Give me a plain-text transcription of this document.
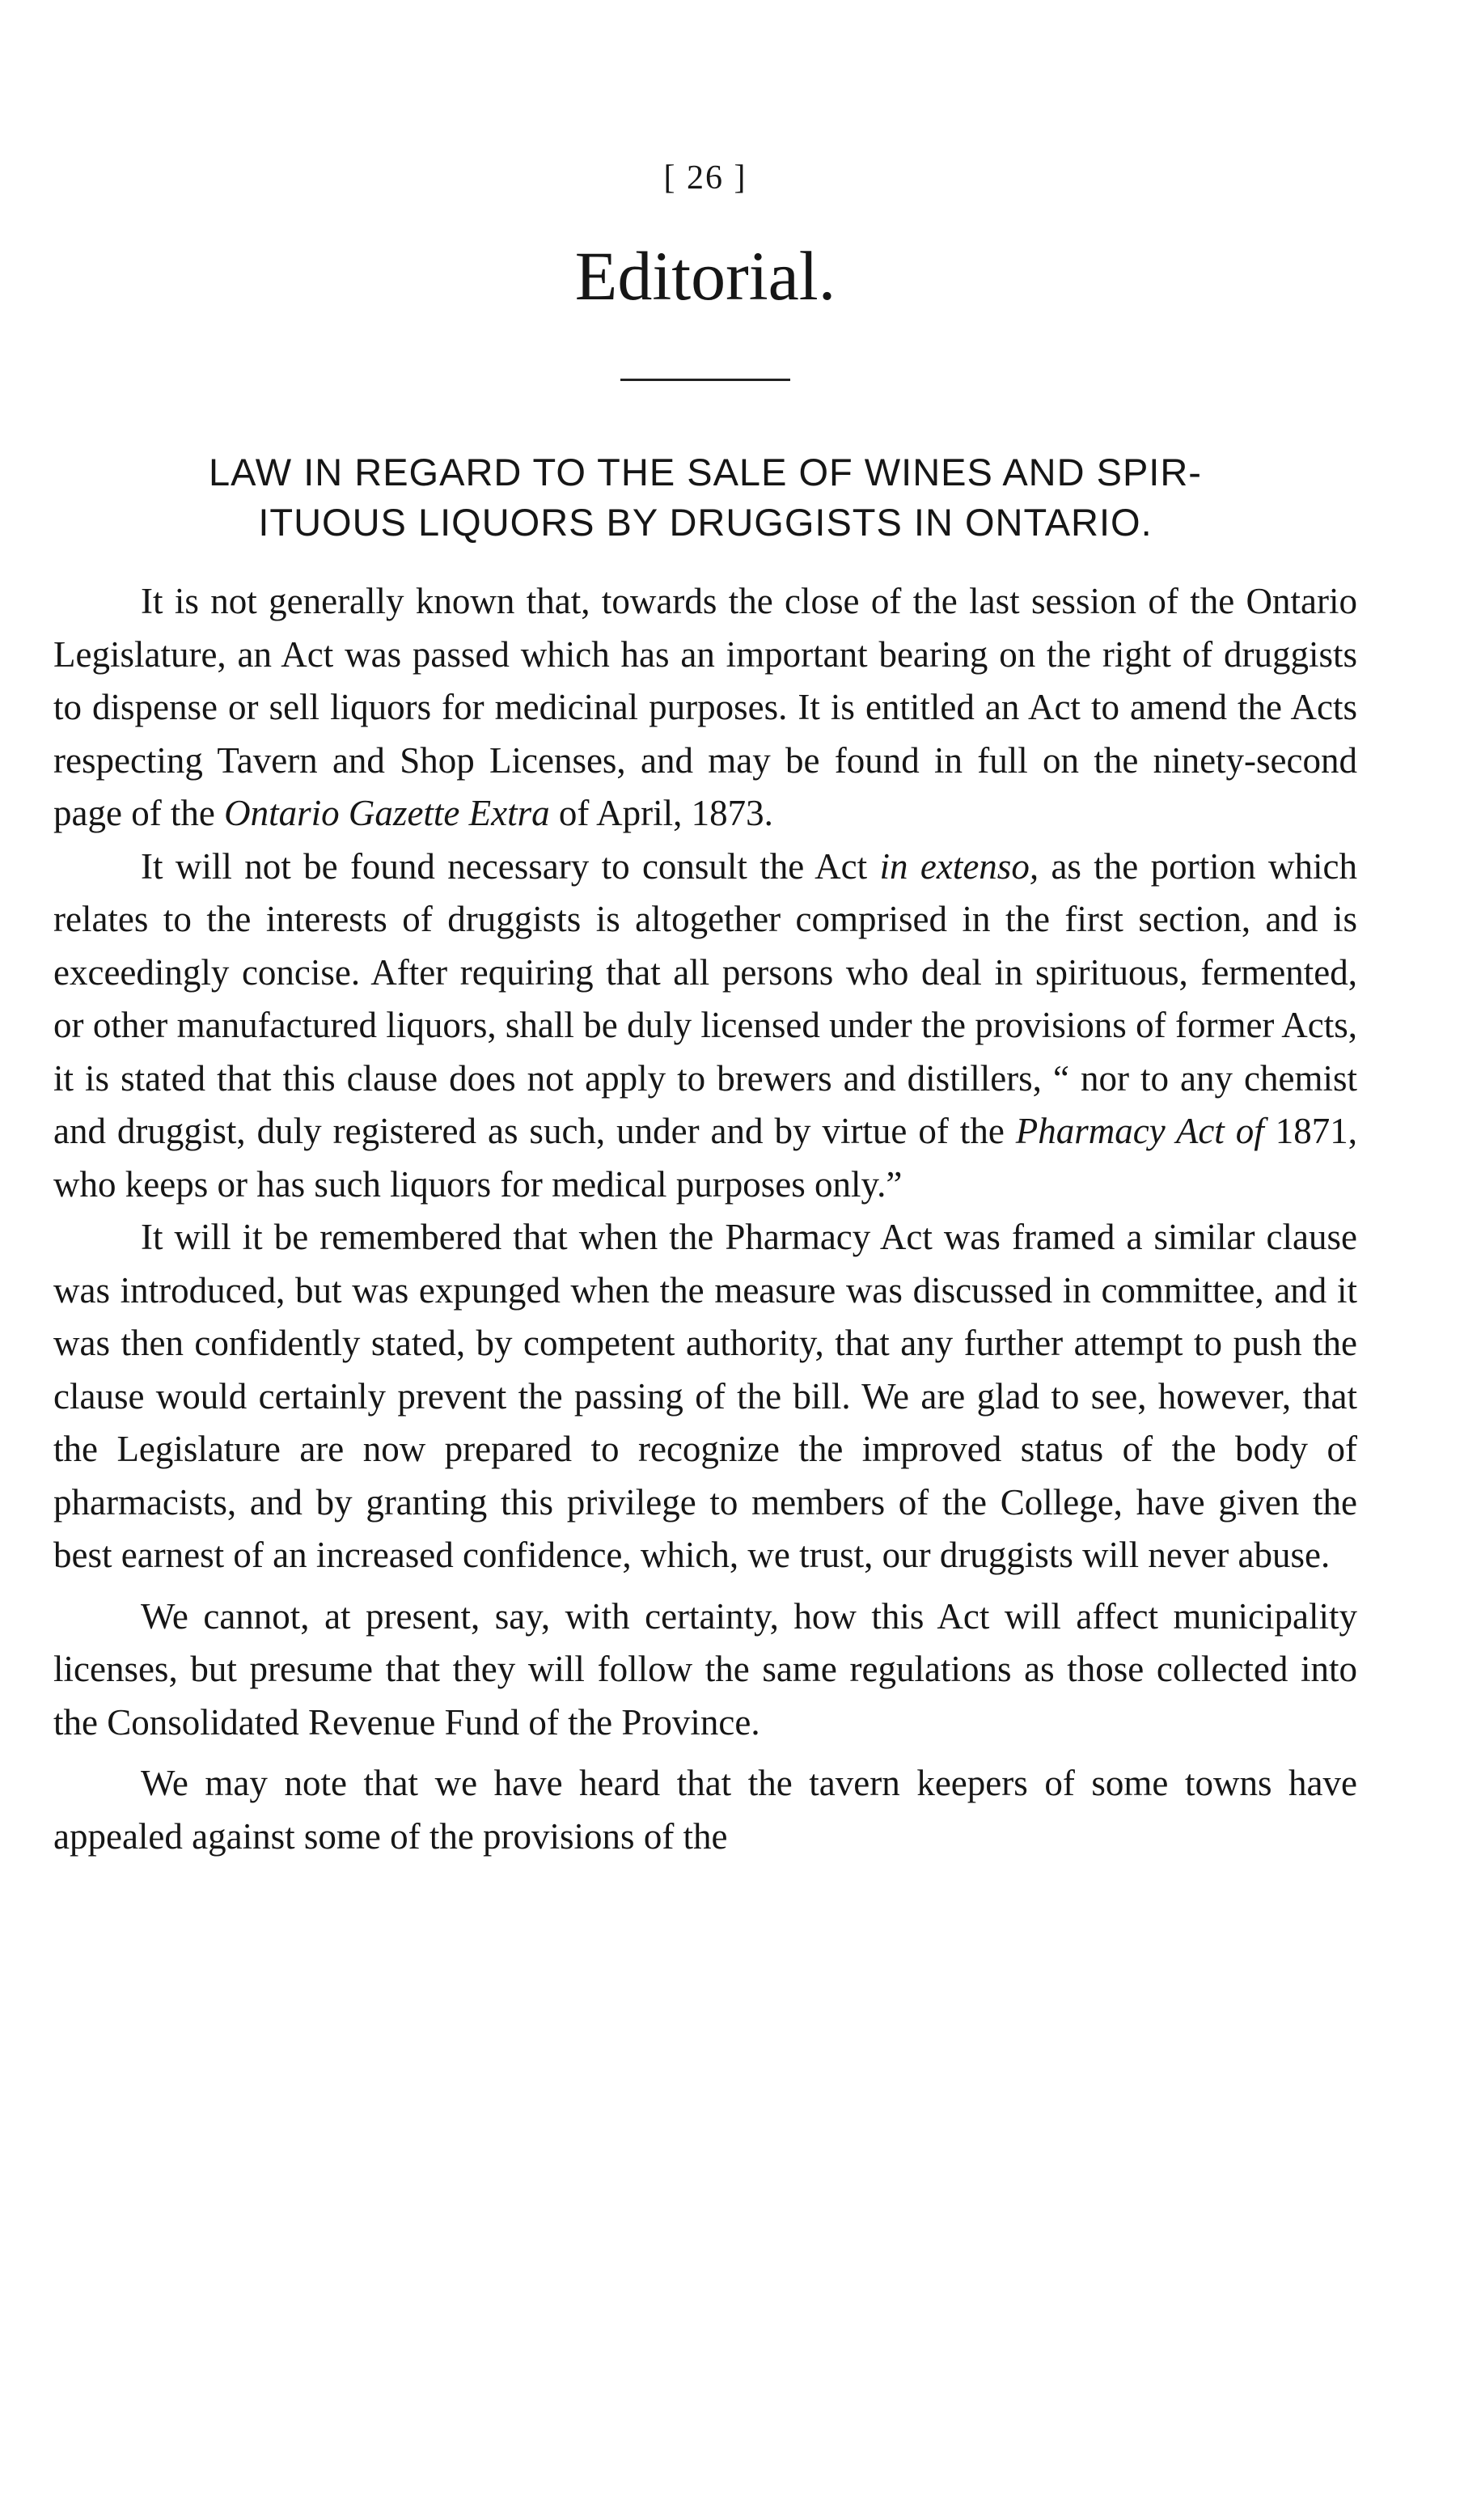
[ 26 ]
Editorial.
LAW IN REGARD TO THE SALE OF WINES AND SPIR-
ITUOUS LIQUORS BY DRUGGISTS IN ONTARIO.

It is not generally known that, towards the close of the last session of the Ontario Legislature, an Act was passed which has an important bearing on the right of druggists to dispense or sell liquors for medicinal purposes. It is entitled an Act to amend the Acts respecting Tavern and Shop Licenses, and may be found in full on the ninety-second page of the Ontario Gazette Extra of April, 1873.

It will not be found necessary to consult the Act in extenso, as the portion which relates to the interests of druggists is altogether comprised in the first section, and is exceedingly concise. After requiring that all persons who deal in spirituous, fermented, or other manufactured liquors, shall be duly licensed under the provisions of former Acts, it is stated that this clause does not apply to brewers and distillers, “ nor to any chemist and druggist, duly registered as such, under and by virtue of the Pharmacy Act of 1871, who keeps or has such liquors for medical purposes only.”

It will it be remembered that when the Pharmacy Act was framed a similar clause was introduced, but was expunged when the measure was discussed in committee, and it was then confidently stated, by competent authority, that any further attempt to push the clause would certainly prevent the passing of the bill. We are glad to see, however, that the Legislature are now prepared to recognize the improved status of the body of pharmacists, and by granting this privilege to members of the College, have given the best earnest of an increased confidence, which, we trust, our druggists will never abuse.

We cannot, at present, say, with certainty, how this Act will affect municipality licenses, but presume that they will follow the same regulations as those collected into the Consolidated Revenue Fund of the Province.

We may note that we have heard that the tavern keepers of some towns have appealed against some of the provisions of the
